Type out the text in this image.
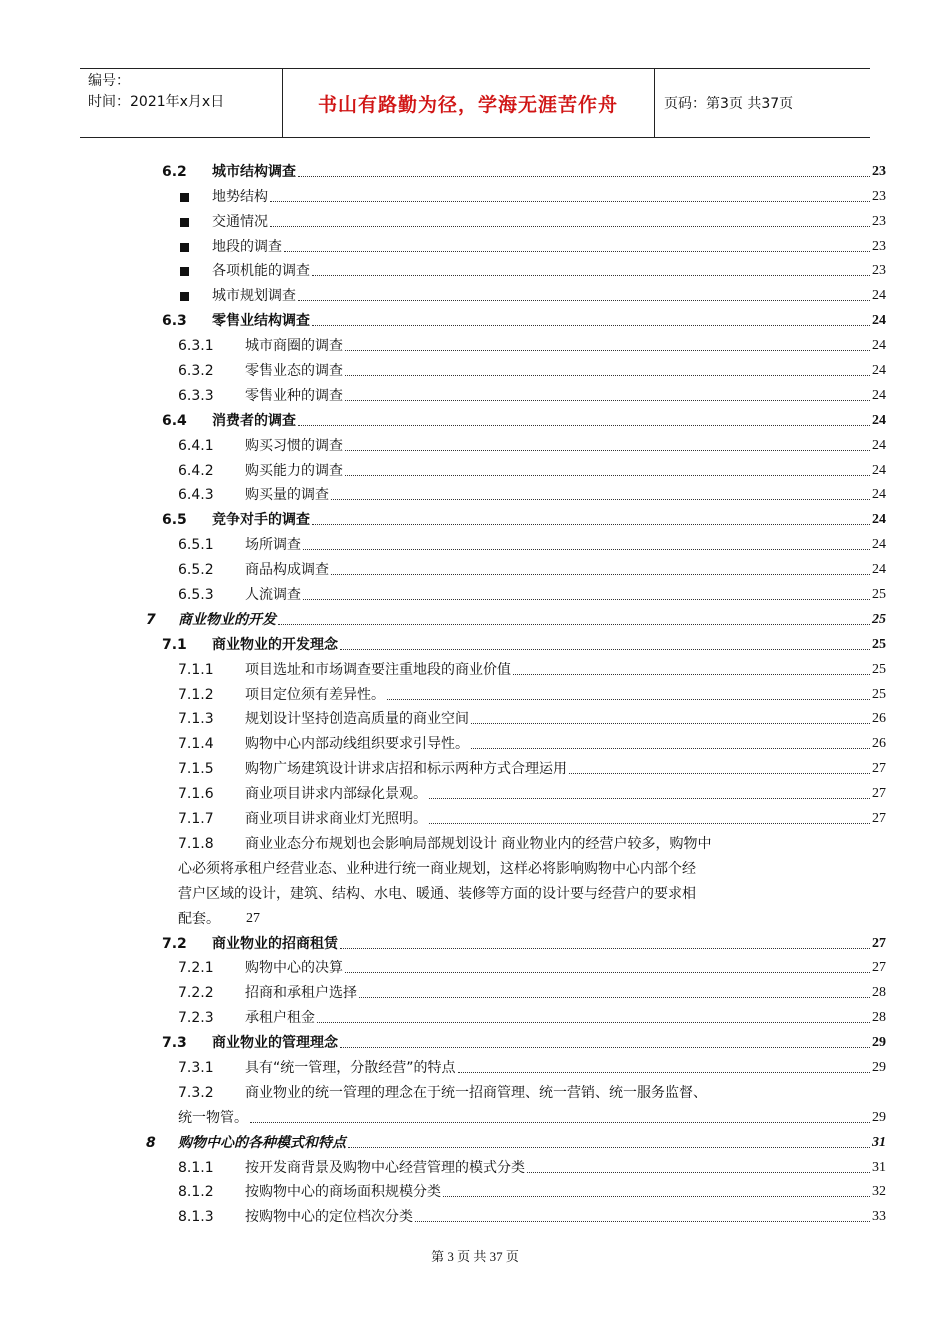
编号：
时间：2021年x月x日	书山有路勤为径，学海无涯苦作舟	页码：第3页 共37页
6.2 城市结构调查	23
地势结构	23
交通情况	23
地段的调查	23
各项机能的调查	23
城市规划调查	24
6.3 零售业结构调查	24
6.3.1 城市商圈的调查	24
6.3.2 零售业态的调查	24
6.3.3 零售业种的调查	24
6.4 消费者的调查	24
6.4.1 购买习惯的调查	24
6.4.2 购买能力的调查	24
6.4.3 购买量的调查	24
6.5 竞争对手的调查	24
6.5.1 场所调查	24
6.5.2 商品构成调查	24
6.5.3 人流调查	25
7 商业物业的开发	25
7.1 商业物业的开发理念	25
7.1.1 项目选址和市场调查要注重地段的商业价值	25
7.1.2 项目定位须有差异性。	25
7.1.3 规划设计坚持创造高质量的商业空间	26
7.1.4 购物中心内部动线组织要求引导性。	26
7.1.5 购物广场建筑设计讲求店招和标示两种方式合理运用	27
7.1.6 商业项目讲求内部绿化景观。	27
7.1.7 商业项目讲求商业灯光照明。	27
7.1.8 商业业态分布规划也会影响局部规划设计 商业物业内的经营户较多，购物中
心必须将承租户经营业态、业种进行统一商业规划，这样必将影响购物中心内部个经
营户区域的设计，建筑、结构、水电、暖通、装修等方面的设计要与经营户的要求相
配套。 27
7.2 商业物业的招商租赁	27
7.2.1 购物中心的决算	27
7.2.2 招商和承租户选择	28
7.2.3 承租户租金	28
7.3 商业物业的管理理念	29
7.3.1 具有“统一管理，分散经营”的特点	29
7.3.2 商业物业的统一管理的理念在于统一招商管理、统一营销、统一服务监督、
统一物管。	29
8 购物中心的各种模式和特点	31
8.1.1 按开发商背景及购物中心经营管理的模式分类	31
8.1.2 按购物中心的商场面积规模分类	32
8.1.3 按购物中心的定位档次分类	33
第 3 页 共 37 页
